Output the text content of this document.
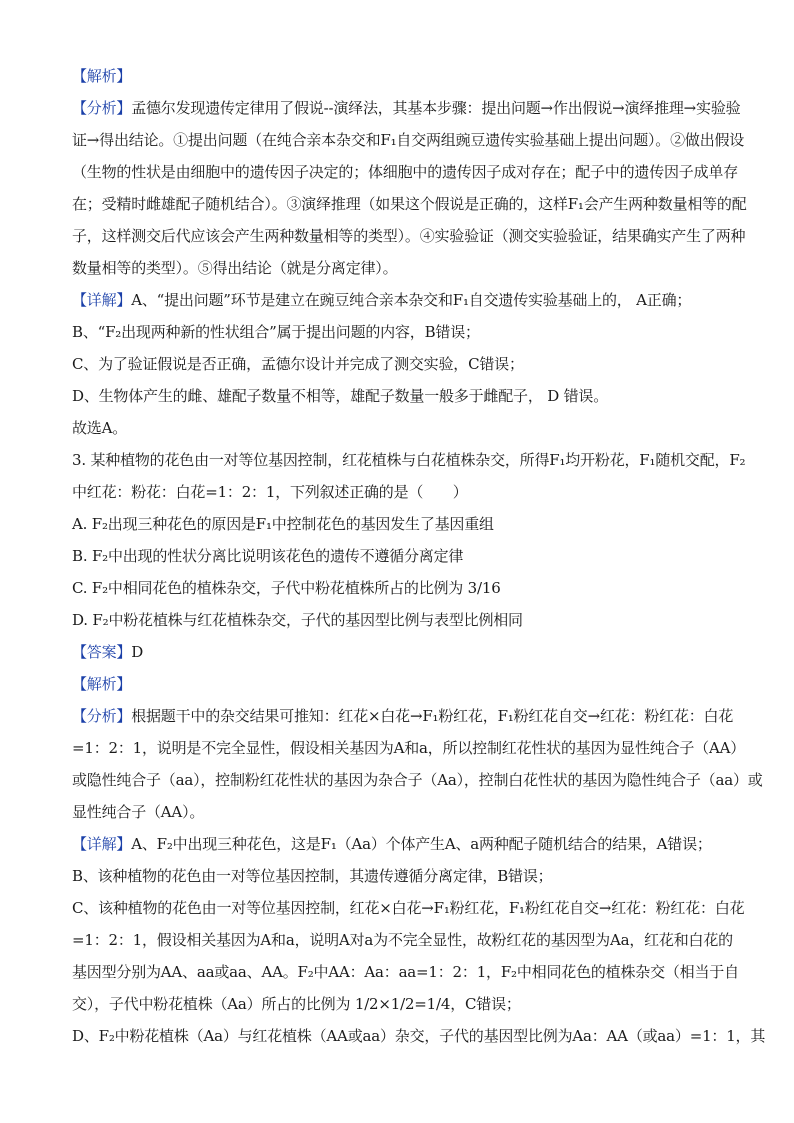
【解析】
【分析】孟德尔发现遗传定律用了假说--演绎法，其基本步骤：提出问题→作出假说→演绎推理→实验验
证→得出结论。①提出问题（在纯合亲本杂交和F₁自交两组豌豆遗传实验基础上提出问题）。②做出假设
（生物的性状是由细胞中的遗传因子决定的；体细胞中的遗传因子成对存在；配子中的遗传因子成单存
在；受精时雌雄配子随机结合）。③演绎推理（如果这个假说是正确的，这样F₁会产生两种数量相等的配
子，这样测交后代应该会产生两种数量相等的类型）。④实验验证（测交实验验证，结果确实产生了两种
数量相等的类型）。⑤得出结论（就是分离定律）。
【详解】A、“提出问题”环节是建立在豌豆纯合亲本杂交和F₁自交遗传实验基础上的， A正确；
B、“F₂出现两种新的性状组合”属于提出问题的内容，B错误；
C、为了验证假说是否正确，孟德尔设计并完成了测交实验，C错误；
D、生物体产生的雌、雄配子数量不相等，雄配子数量一般多于雌配子， D 错误。
故选A。
3. 某种植物的花色由一对等位基因控制，红花植株与白花植株杂交，所得F₁均开粉花，F₁随机交配，F₂
中红花：粉花：白花=1：2：1，下列叙述正确的是（　　）
A. F₂出现三种花色的原因是F₁中控制花色的基因发生了基因重组
B. F₂中出现的性状分离比说明该花色的遗传不遵循分离定律
C. F₂中相同花色的植株杂交，子代中粉花植株所占的比例为 3/16
D. F₂中粉花植株与红花植株杂交，子代的基因型比例与表型比例相同
【答案】D
【解析】
【分析】根据题干中的杂交结果可推知：红花×白花→F₁粉红花，F₁粉红花自交→红花：粉红花：白花
=1：2：1，说明是不完全显性，假设相关基因为A和a，所以控制红花性状的基因为显性纯合子（AA）
或隐性纯合子（aa），控制粉红花性状的基因为杂合子（Aa），控制白花性状的基因为隐性纯合子（aa）或
显性纯合子（AA）。
【详解】A、F₂中出现三种花色，这是F₁（Aa）个体产生A、a两种配子随机结合的结果，A错误；
B、该种植物的花色由一对等位基因控制，其遗传遵循分离定律，B错误；
C、该种植物的花色由一对等位基因控制，红花×白花→F₁粉红花，F₁粉红花自交→红花：粉红花：白花
=1：2：1，假设相关基因为A和a，说明A对a为不完全显性，故粉红花的基因型为Aa，红花和白花的
基因型分别为AA、aa或aa、AA。F₂中AA：Aa：aa=1：2：1，F₂中相同花色的植株杂交（相当于自
交），子代中粉花植株（Aa）所占的比例为 1/2×1/2=1/4，C错误；
D、F₂中粉花植株（Aa）与红花植株（AA或aa）杂交，子代的基因型比例为Aa：AA（或aa）=1：1，其
